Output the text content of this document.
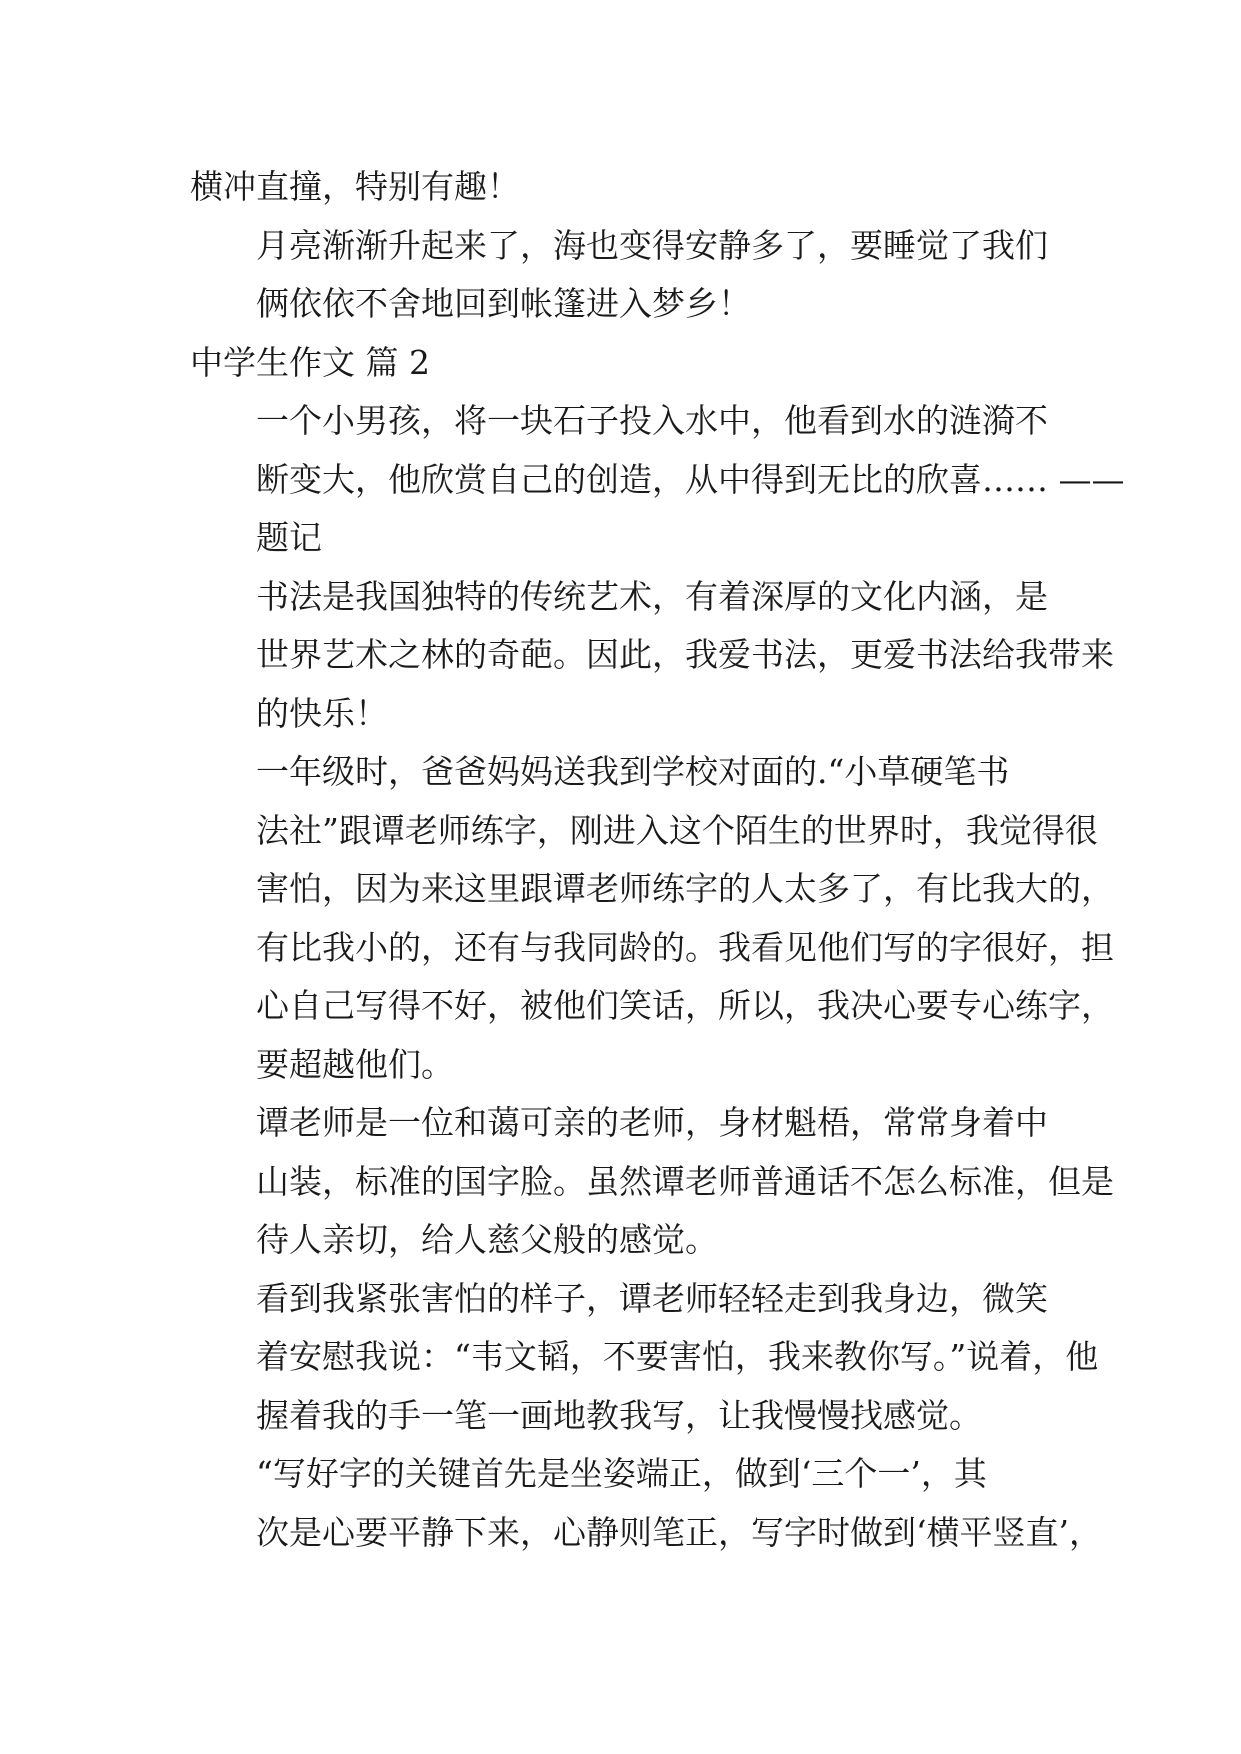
横冲直撞，特别有趣！
月亮渐渐升起来了，海也变得安静多了，要睡觉了我们
俩依依不舍地回到帐篷进入梦乡！
中学生作文 篇 2
一个小男孩，将一块石子投入水中，他看到水的涟漪不
断变大，他欣赏自己的创造，从中得到无比的欣喜…… ——
题记
书法是我国独特的传统艺术，有着深厚的文化内涵，是
世界艺术之林的奇葩。因此，我爱书法，更爱书法给我带来
的快乐！
一年级时，爸爸妈妈送我到学校对面的.“小草硬笔书
法社”跟谭老师练字，刚进入这个陌生的世界时，我觉得很
害怕，因为来这里跟谭老师练字的人太多了，有比我大的，
有比我小的，还有与我同龄的。我看见他们写的字很好，担
心自己写得不好，被他们笑话，所以，我决心要专心练字，
要超越他们。
谭老师是一位和蔼可亲的老师，身材魁梧，常常身着中
山装，标准的国字脸。虽然谭老师普通话不怎么标准，但是
待人亲切，给人慈父般的感觉。
看到我紧张害怕的样子，谭老师轻轻走到我身边，微笑
着安慰我说：“韦文韬，不要害怕，我来教你写。”说着，他
握着我的手一笔一画地教我写，让我慢慢找感觉。
“写好字的关键首先是坐姿端正，做到‘三个一’，其
次是心要平静下来，心静则笔正，写字时做到‘横平竖直’，
